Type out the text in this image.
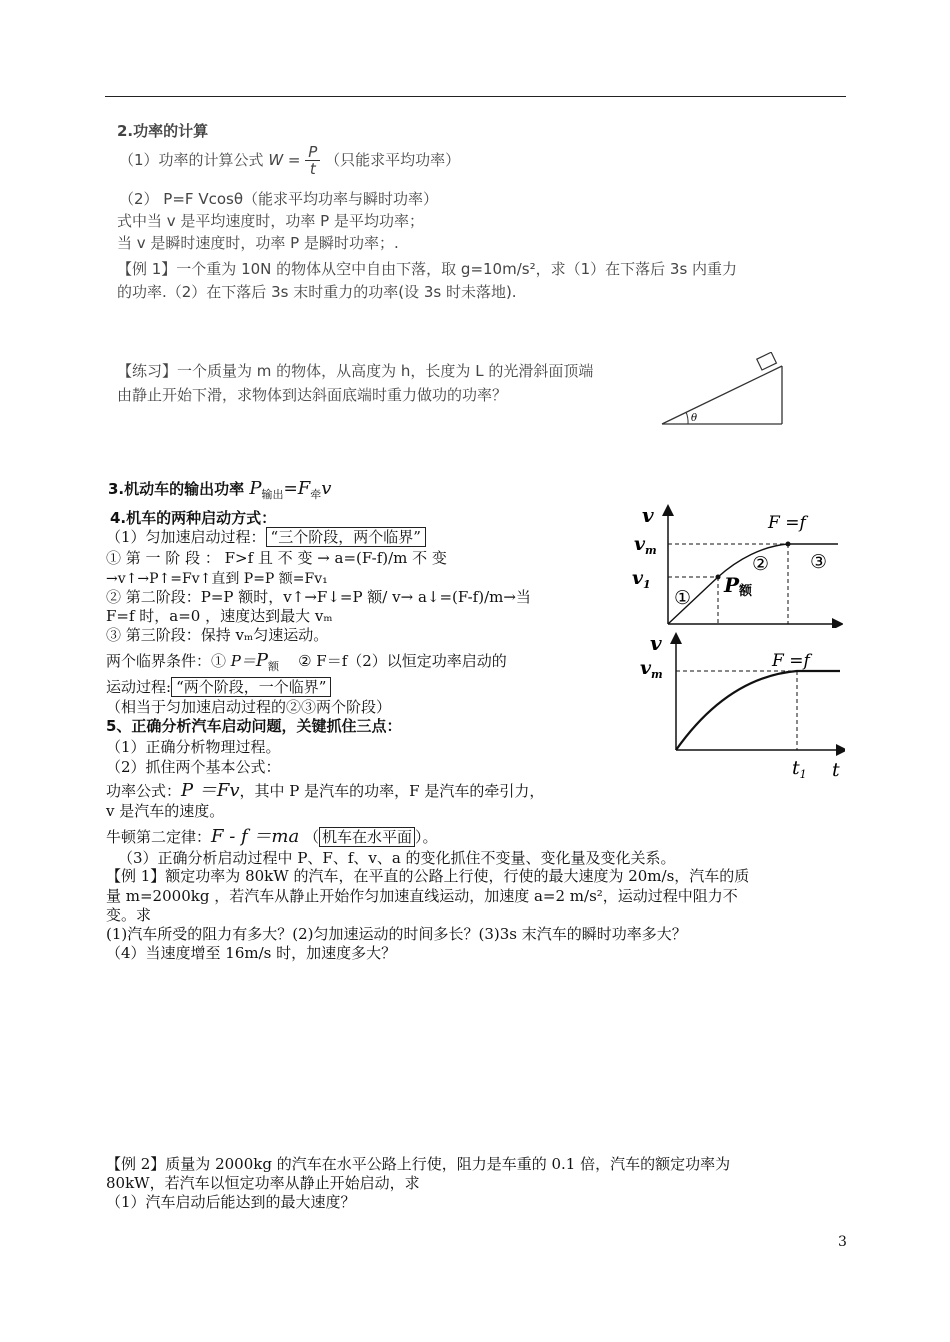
2.功率的计算
（1）功率的计算公式 $W = \frac{P}{t}$ （只能求平均功率）
（2） P=F Vcosθ（能求平均功率与瞬时功率）
式中当 v 是平均速度时，功率 P 是平均功率；
当 v 是瞬时速度时，功率 P 是瞬时功率；.
【例 1】一个重为 10N 的物体从空中自由下落，取 g=10m/s²，求（1）在下落后 3s 内重力
的功率.（2）在下落后 3s 末时重力的功率(设 3s 时未落地).
【练习】一个质量为 m 的物体，从高度为 h，长度为 L 的光滑斜面顶端
由静止开始下滑，求物体到达斜面底端时重力做功的功率？
θ
3.机动车的输出功率 $P_{输出}=F_牵v$
4.机车的两种启动方式：
（1）匀加速启动过程： “三个阶段，两个临界”
① 第 一 阶 段 ： F>f 且 不 变 → a=(F-f)/m 不 变
→v↑→P↑=Fv↑直到 P=P 额=Fv₁
② 第二阶段：P=P 额时，v↑→F↓=P 额/ v→ a↓=(F-f)/m→当
F=f 时，a=0 ，速度达到最大 vₘ
③ 第三阶段：保持 vₘ匀速运动。
两个临界条件：① $P=P_额$ ② F＝f（2）以恒定功率启动的
运动过程: “两个阶段，一个临界”
（相当于匀加速启动过程的②③两个阶段）
5、正确分析汽车启动问题，关键抓住三点：
（1）正确分析物理过程。
（2）抓住两个基本公式：
功率公式：P ＝Fv，其中 P 是汽车的功率，F 是汽车的牵引力，
v 是汽车的速度。
牛顿第二定律：F - f ＝ma （ 机车在水平面 ）。
（3）正确分析启动过程中 P、F、f、v、a 的变化抓住不变量、变化量及变化关系。
【例 1】额定功率为 80kW 的汽车，在平直的公路上行使，行使的最大速度为 20m/s，汽车的质
量 m=2000kg ，若汽车从静止开始作匀加速直线运动，加速度 a=2 m/s²，运动过程中阻力不
变。求
(1)汽车所受的阻力有多大？(2)匀加速运动的时间多长？(3)3s 末汽车的瞬时功率多大？
（4）当速度增至 16m/s 时，加速度多大？
【例 2】质量为 2000kg 的汽车在水平公路上行使，阻力是车重的 0.1 倍，汽车的额定功率为
80kW，若汽车以恒定功率从静止开始启动，求
（1）汽车启动后能达到的最大速度？
v
$v_m$
$v_1$
F =f
①
② ③
P额
v
$v_m$
F =f
$t_1$ t
3
